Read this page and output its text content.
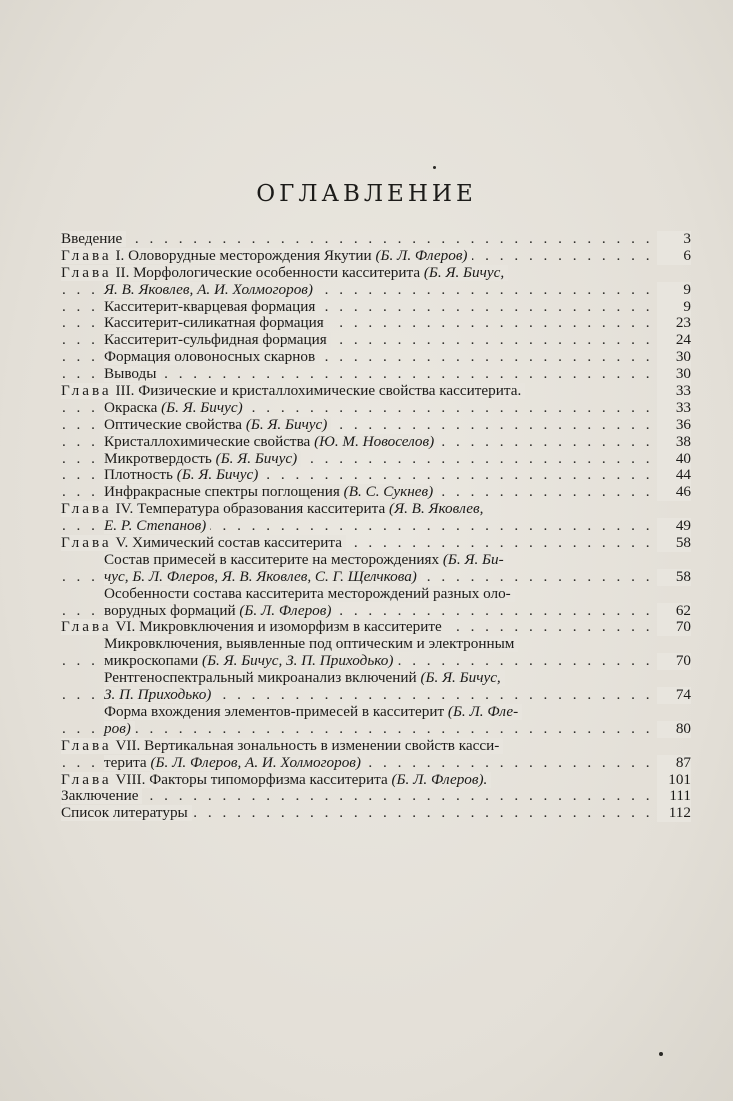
ОГЛАВЛЕНИЕ
. . . Введение	3
. . . Глава I. Оловорудные месторождения Якутии (Б. Л. Флеров)	6
Глава II. Морфологические особенности касситерита (Б. Я. Бичус,
. . . Я. В. Яковлев, А. И. Холмогоров)	9
. . . Касситерит-кварцевая формация	9
. . . Касситерит-силикатная формация	23
. . . Касситерит-сульфидная формация	24
. . . Формация оловоносных скарнов	30
. . . Выводы	30
Глава III. Физические и кристаллохимические свойства касситерита.	33
. . . Окраска (Б. Я. Бичус)	33
. . . Оптические свойства (Б. Я. Бичус)	36
. . . Кристаллохимические свойства (Ю. М. Новоселов)	38
. . . Микротвердость (Б. Я. Бичус)	40
. . . Плотность (Б. Я. Бичус)	44
. . . Инфракрасные спектры поглощения (В. С. Сукнев)	46
Глава IV. Температура образования касситерита (Я. В. Яковлев,
. . . Е. Р. Степанов)	49
. . . Глава V. Химический состав касситерита	58
Состав примесей в касситерите на месторождениях (Б. Я. Би-
. . . чус, Б. Л. Флеров, Я. В. Яковлев, С. Г. Щелчкова)	58
Особенности состава касситерита месторождений разных оло-
. . . ворудных формаций (Б. Л. Флеров)	62
. . . Глава VI. Микровключения и изоморфизм в касситерите	70
Микровключения, выявленные под оптическим и электронным
. . . микроскопами (Б. Я. Бичус, З. П. Приходько)	70
Рентгеноспектральный микроанализ включений (Б. Я. Бичус,
. . . З. П. Приходько)	74
Форма вхождения элементов-примесей в касситерит (Б. Л. Фле-
. . . ров)	80
Глава VII. Вертикальная зональность в изменении свойств касси-
. . . терита (Б. Л. Флеров, А. И. Холмогоров)	87
Глава VIII. Факторы типоморфизма касситерита (Б. Л. Флеров).	101
. . . Заключение	111
. . . Список литературы	112
